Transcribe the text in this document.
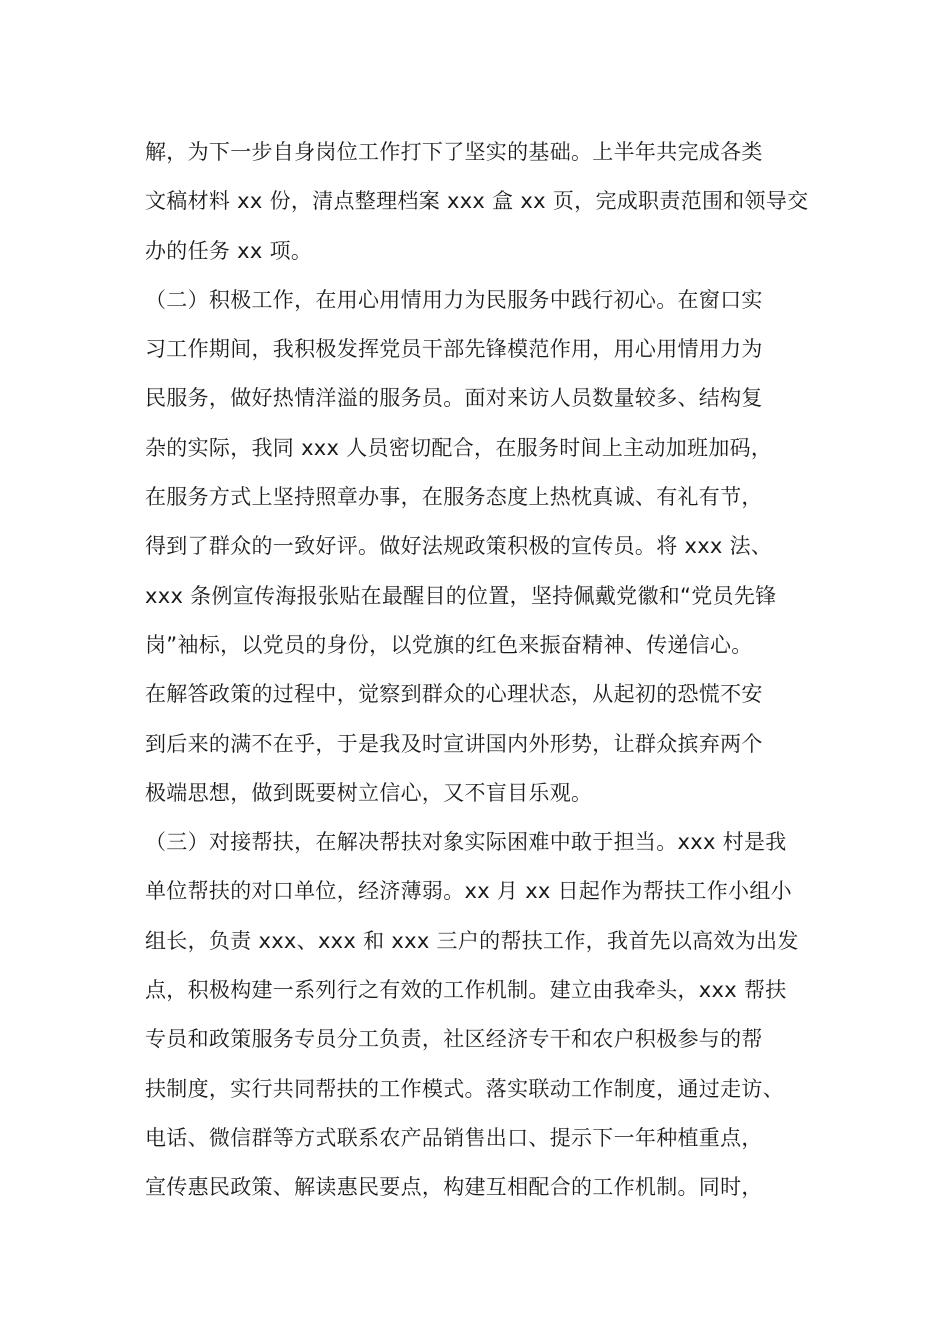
解，为下一步自身岗位工作打下了坚实的基础。上半年共完成各类
文稿材料 xx 份，清点整理档案 xxx 盒 xx 页，完成职责范围和领导交
办的任务 xx 项。
（二）积极工作，在用心用情用力为民服务中践行初心。在窗口实
习工作期间，我积极发挥党员干部先锋模范作用，用心用情用力为
民服务，做好热情洋溢的服务员。面对来访人员数量较多、结构复
杂的实际，我同 xxx 人员密切配合，在服务时间上主动加班加码，
在服务方式上坚持照章办事，在服务态度上热枕真诚、有礼有节，
得到了群众的一致好评。做好法规政策积极的宣传员。将 xxx 法、
xxx 条例宣传海报张贴在最醒目的位置，坚持佩戴党徽和“党员先锋
岗”袖标，以党员的身份，以党旗的红色来振奋精神、传递信心。
在解答政策的过程中，觉察到群众的心理状态，从起初的恐慌不安
到后来的满不在乎，于是我及时宣讲国内外形势，让群众摈弃两个
极端思想，做到既要树立信心，又不盲目乐观。
（三）对接帮扶，在解决帮扶对象实际困难中敢于担当。xxx 村是我
单位帮扶的对口单位，经济薄弱。xx 月 xx 日起作为帮扶工作小组小
组长，负责 xxx、xxx 和 xxx 三户的帮扶工作，我首先以高效为出发
点，积极构建一系列行之有效的工作机制。建立由我牵头，xxx 帮扶
专员和政策服务专员分工负责，社区经济专干和农户积极参与的帮
扶制度，实行共同帮扶的工作模式。落实联动工作制度，通过走访、
电话、微信群等方式联系农产品销售出口、提示下一年种植重点，
宣传惠民政策、解读惠民要点，构建互相配合的工作机制。同时，
